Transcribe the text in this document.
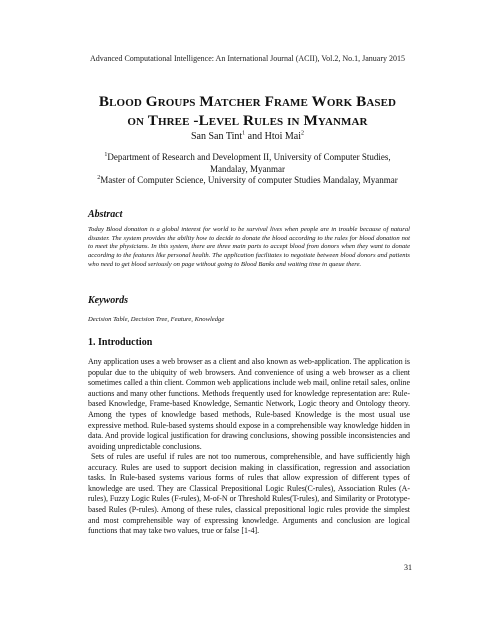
Advanced Computational Intelligence: An International Journal (ACII), Vol.2, No.1, January 2015
Blood Groups Matcher Frame Work Based
on Three -Level Rules in Myanmar
San San Tint$^1$ and Htoi Mai$^2$
$^1$Department of Research and Development II, University of Computer Studies, Mandalay, Myanmar
$^2$Master of Computer Science, University of computer Studies Mandalay, Myanmar
Abstract
Today Blood donation is a global interest for world to be survival lives when people are in trouble because of natural disaster. The system provides the ability how to decide to donate the blood according to the rules for blood donation not to meet the physicians. In this system, there are three main parts to accept blood from donors when they want to donate according to the features like personal health. The application facilitates to negotiate between blood donors and patients who need to get blood seriously on page without going to Blood Banks and waiting time in queue there.
Keywords
Decision Table, Decision Tree, Feature, Knowledge
1. Introduction
Any application uses a web browser as a client and also known as web-application. The application is popular due to the ubiquity of web browsers. And convenience of using a web browser as a client sometimes called a thin client. Common web applications include web mail, online retail sales, online auctions and many other functions. Methods frequently used for knowledge representation are: Rule-based Knowledge, Frame-based Knowledge, Semantic Network, Logic theory and Ontology theory. Among the types of knowledge based methods, Rule-based Knowledge is the most usual use expressive method. Rule-based systems should expose in a comprehensible way knowledge hidden in data. And provide logical justification for drawing conclusions, showing possible inconsistencies and avoiding unpredictable conclusions.
Sets of rules are useful if rules are not too numerous, comprehensible, and have sufficiently high accuracy. Rules are used to support decision making in classification, regression and association tasks. In Rule-based systems various forms of rules that allow expression of different types of knowledge are used. They are Classical Prepositional Logic Rules(C-rules), Association Rules (A-rules), Fuzzy Logic Rules (F-rules), M-of-N or Threshold Rules(T-rules), and Similarity or Prototype-based Rules (P-rules). Among of these rules, classical prepositional logic rules provide the simplest and most comprehensible way of expressing knowledge. Arguments and conclusion are logical functions that may take two values, true or false [1-4].
31
